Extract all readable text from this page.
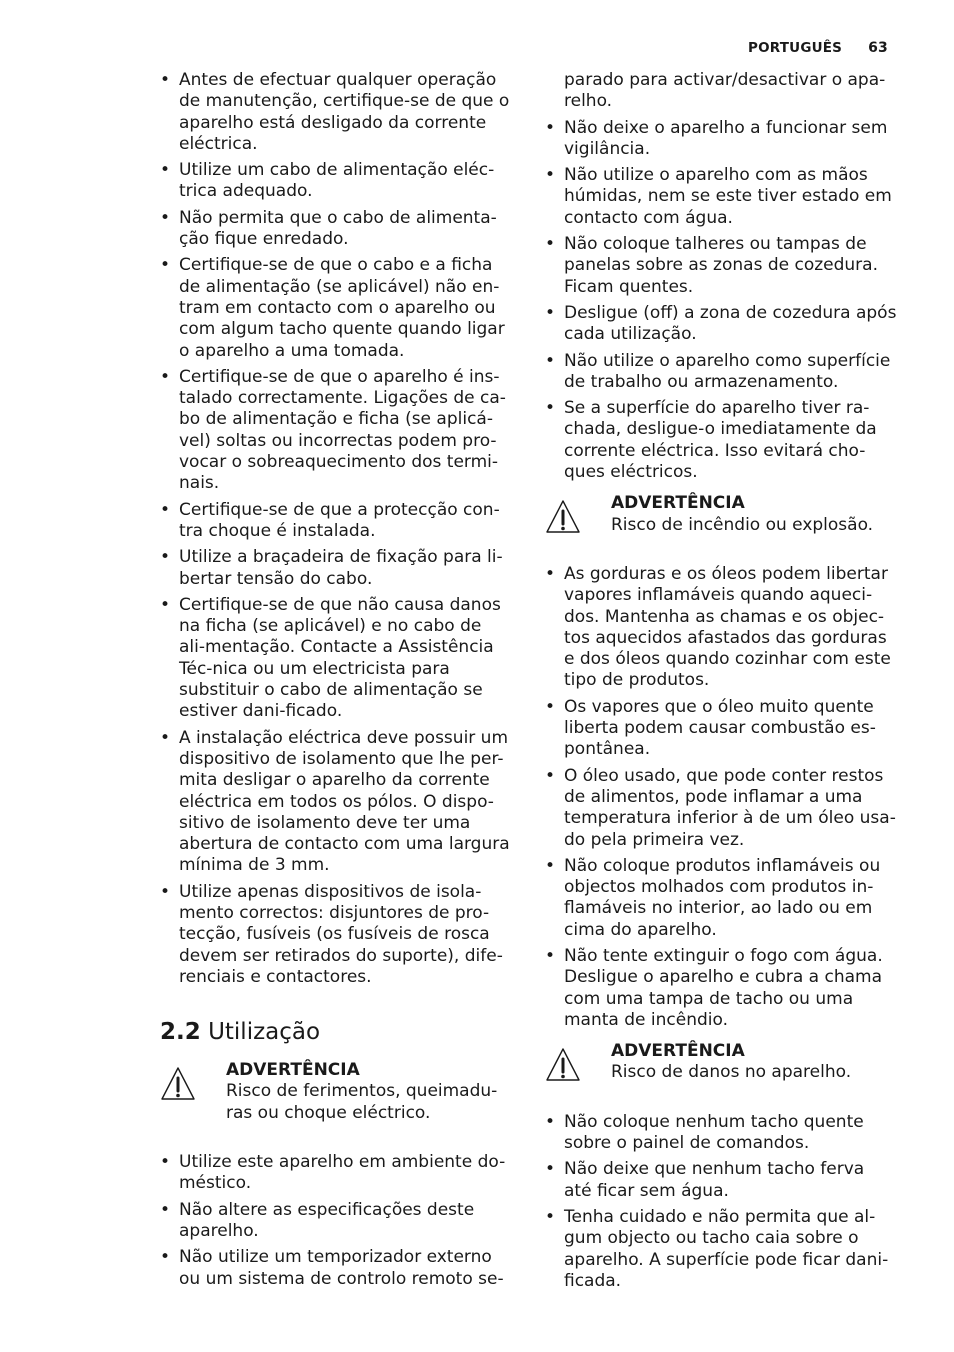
PORTUGUÊS 63
• Antes de efectuar qualquer operação de manutenção, certifique-se de que o aparelho está desligado da corrente eléctrica.
• Utilize um cabo de alimentação eléc-trica adequado.
• Não permita que o cabo de alimenta-ção fique enredado.
• Certifique-se de que o cabo e a ficha de alimentação (se aplicável) não en-tram em contacto com o aparelho ou com algum tacho quente quando ligar o aparelho a uma tomada.
• Certifique-se de que o aparelho é ins-talado correctamente. Ligações de ca-bo de alimentação e ficha (se aplicá-vel) soltas ou incorrectas podem pro-vocar o sobreaquecimento dos termi-nais.
• Certifique-se de que a protecção con-tra choque é instalada.
• Utilize a braçadeira de fixação para li-bertar tensão do cabo.
• Certifique-se de que não causa danos na ficha (se aplicável) e no cabo de ali-mentação. Contacte a Assistência Téc-nica ou um electricista para substituir o cabo de alimentação se estiver dani-ficado.
• A instalação eléctrica deve possuir um dispositivo de isolamento que lhe per-mita desligar o aparelho da corrente eléctrica em todos os pólos. O dispo-sitivo de isolamento deve ter uma abertura de contacto com uma largura mínima de 3 mm.
• Utilize apenas dispositivos de isola-mento correctos: disjuntores de pro-tecção, fusíveis (os fusíveis de rosca devem ser retirados do suporte), dife-renciais e contactores.
2.2 Utilização
ADVERTÊNCIA
Risco de ferimentos, queimadu-ras ou choque eléctrico.
• Utilize este aparelho em ambiente do-méstico.
• Não altere as especificações deste aparelho.
• Não utilize um temporizador externo ou um sistema de controlo remoto se-
parado para activar/desactivar o apa-relho.
• Não deixe o aparelho a funcionar sem vigilância.
• Não utilize o aparelho com as mãos húmidas, nem se este tiver estado em contacto com água.
• Não coloque talheres ou tampas de panelas sobre as zonas de cozedura. Ficam quentes.
• Desligue (off) a zona de cozedura após cada utilização.
• Não utilize o aparelho como superfície de trabalho ou armazenamento.
• Se a superfície do aparelho tiver ra-chada, desligue-o imediatamente da corrente eléctrica. Isso evitará cho-ques eléctricos.
ADVERTÊNCIA
Risco de incêndio ou explosão.
• As gorduras e os óleos podem libertar vapores inflamáveis quando aqueci-dos. Mantenha as chamas e os objec-tos aquecidos afastados das gorduras e dos óleos quando cozinhar com este tipo de produtos.
• Os vapores que o óleo muito quente liberta podem causar combustão es-pontânea.
• O óleo usado, que pode conter restos de alimentos, pode inflamar a uma temperatura inferior à de um óleo usa-do pela primeira vez.
• Não coloque produtos inflamáveis ou objectos molhados com produtos in-flamáveis no interior, ao lado ou em cima do aparelho.
• Não tente extinguir o fogo com água. Desligue o aparelho e cubra a chama com uma tampa de tacho ou uma manta de incêndio.
ADVERTÊNCIA
Risco de danos no aparelho.
• Não coloque nenhum tacho quente sobre o painel de comandos.
• Não deixe que nenhum tacho ferva até ficar sem água.
• Tenha cuidado e não permita que al-gum objecto ou tacho caia sobre o aparelho. A superfície pode ficar dani-ficada.
